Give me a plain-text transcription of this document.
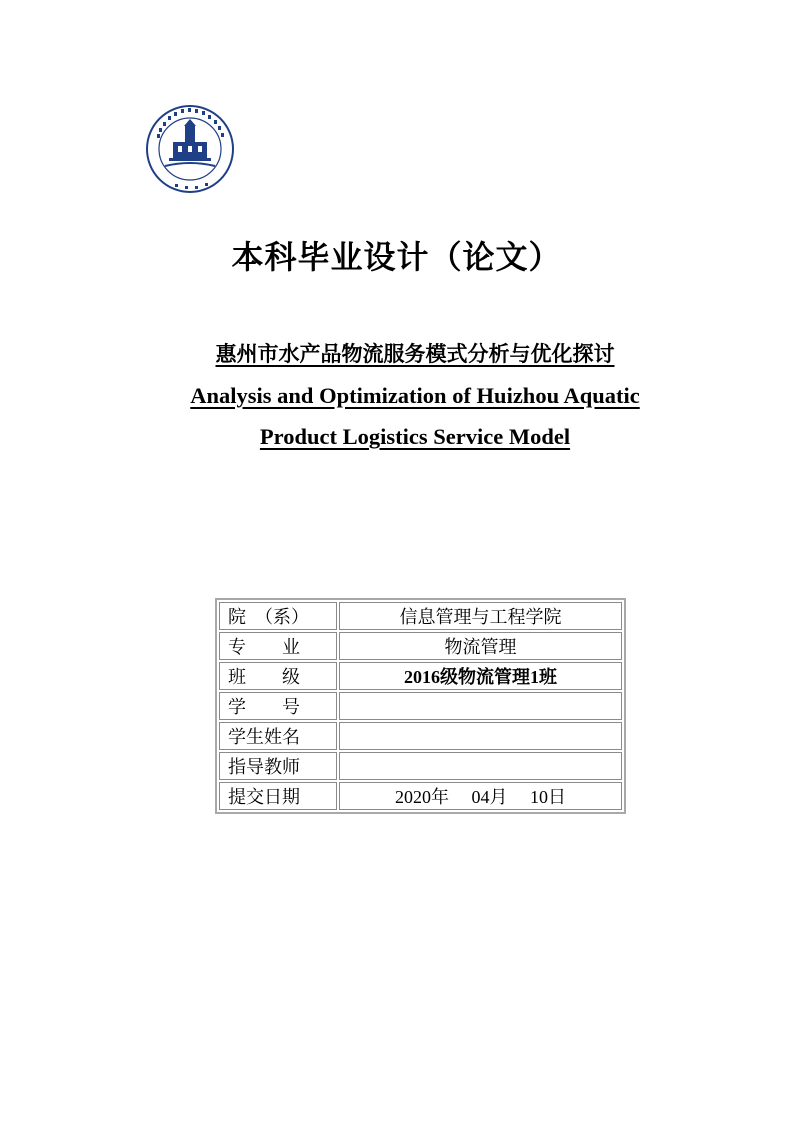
本科毕业设计（论文）
惠州市水产品物流服务模式分析与优化探讨
Analysis and Optimization of Huizhou Aquatic
Product Logistics Service Model
院　（系）	信息管理与工程学院
专　　业	物流管理
班　　级	2016级物流管理1班
学　　号	
学生姓名	
指导教师	
提交日期	2020年　 04月　 10日
